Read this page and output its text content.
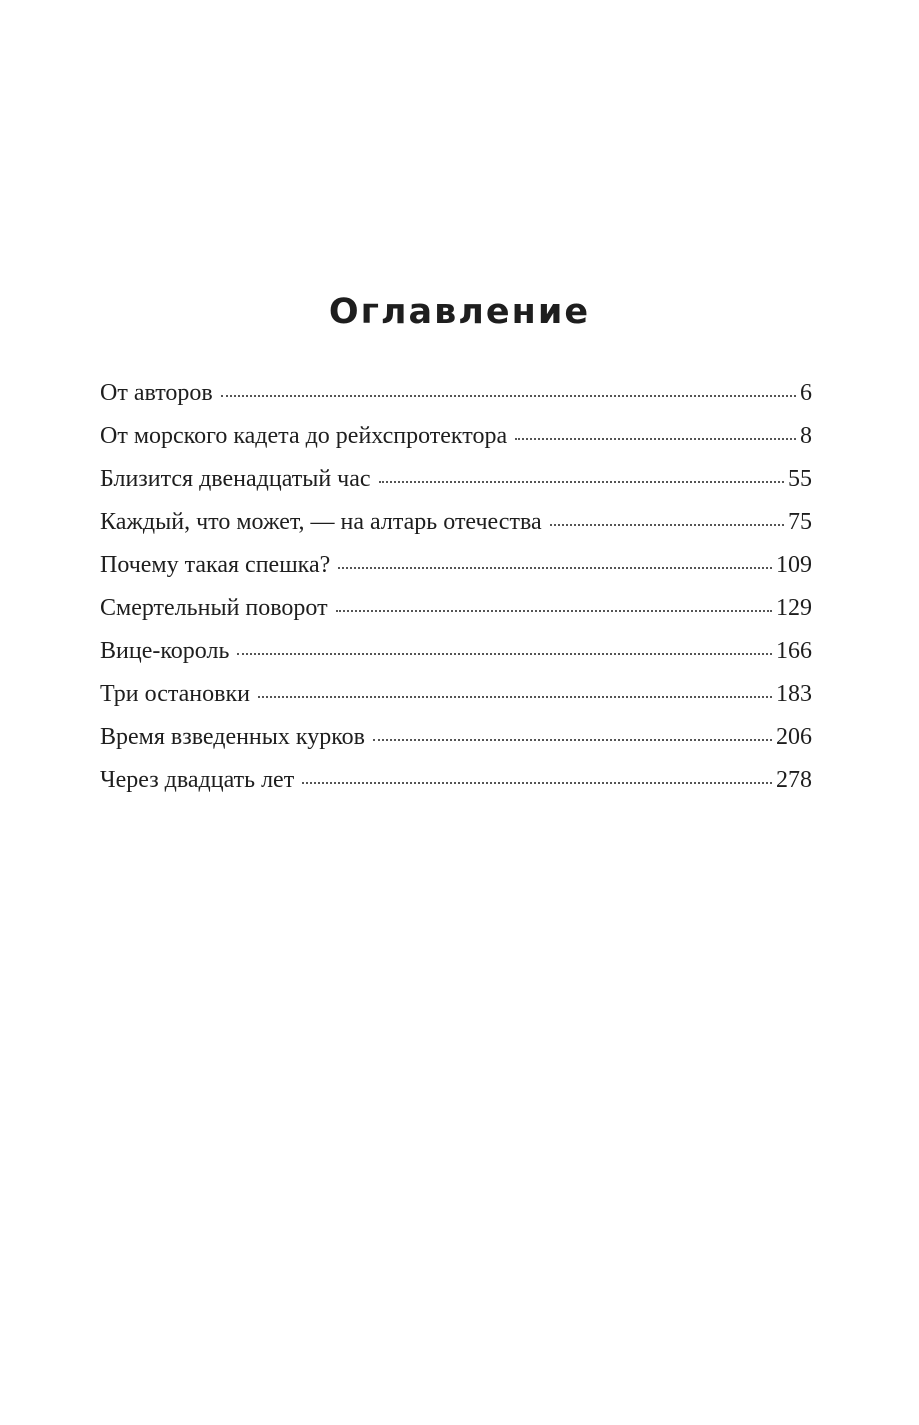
Оглавление
От авторов	6
От морского кадета до рейхспротектора	8
Близится двенадцатый час	55
Каждый, что может, — на алтарь отечества	75
Почему такая спешка?	109
Смертельный поворот	129
Вице-король	166
Три остановки	183
Время взведенных курков	206
Через двадцать лет	278
